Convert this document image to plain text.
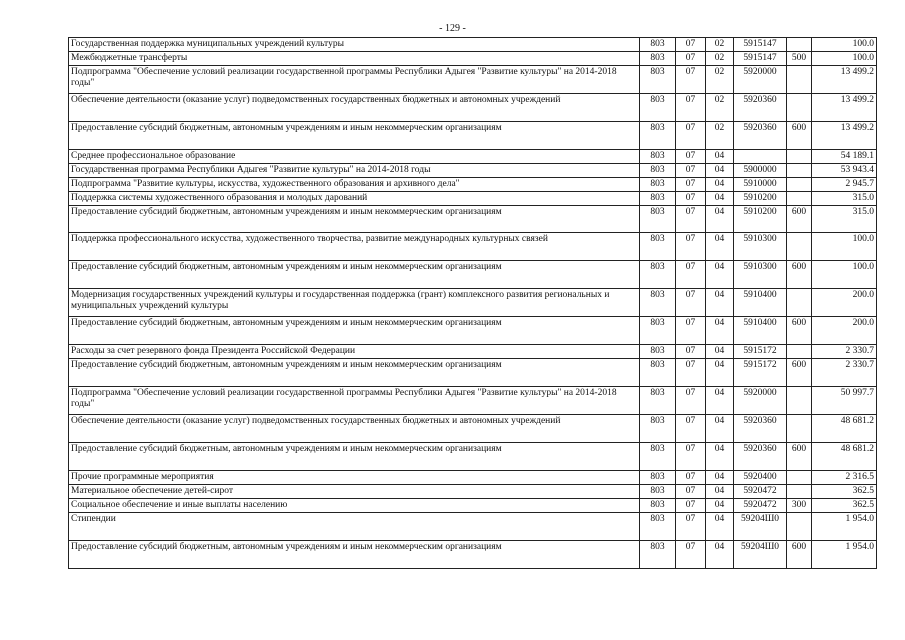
- 129 -
Государственная поддержка муниципальных учреждений культуры	803	07	02	5915147		100.0
Межбюджетные трансферты	803	07	02	5915147	500	100.0
Подпрограмма "Обеспечение условий реализации государственной программы Республики Адыгея "Развитие культуры" на 2014-2018 годы"	803	07	02	5920000		13 499.2
Обеспечение деятельности (оказание услуг) подведомственных государственных бюджетных и автономных учреждений	803	07	02	5920360		13 499.2
Предоставление субсидий бюджетным, автономным учреждениям и иным некоммерческим организациям	803	07	02	5920360	600	13 499.2
Среднее профессиональное образование	803	07	04			54 189.1
Государственная программа Республики Адыгея "Развитие культуры" на 2014-2018 годы	803	07	04	5900000		53 943.4
Подпрограмма "Развитие культуры, искусства, художественного образования и архивного дела"	803	07	04	5910000		2 945.7
Поддержка системы художественного образования и молодых дарований	803	07	04	5910200		315.0
Предоставление субсидий бюджетным, автономным учреждениям и иным некоммерческим организациям	803	07	04	5910200	600	315.0
Поддержка профессионального искусства, художественного творчества, развитие международных культурных связей	803	07	04	5910300		100.0
Предоставление субсидий бюджетным, автономным учреждениям и иным некоммерческим организациям	803	07	04	5910300	600	100.0
Модернизация государственных учреждений культуры и государственная поддержка (грант) комплексного развития региональных и муниципальных учреждений культуры	803	07	04	5910400		200.0
Предоставление субсидий бюджетным, автономным учреждениям и иным некоммерческим организациям	803	07	04	5910400	600	200.0
Расходы за счет резервного фонда Президента Российской Федерации	803	07	04	5915172		2 330.7
Предоставление субсидий бюджетным, автономным учреждениям и иным некоммерческим организациям	803	07	04	5915172	600	2 330.7
Подпрограмма "Обеспечение условий реализации государственной программы Республики Адыгея "Развитие культуры" на 2014-2018 годы"	803	07	04	5920000		50 997.7
Обеспечение деятельности (оказание услуг) подведомственных государственных бюджетных и автономных учреждений	803	07	04	5920360		48 681.2
Предоставление субсидий бюджетным, автономным учреждениям и иным некоммерческим организациям	803	07	04	5920360	600	48 681.2
Прочие программные мероприятия	803	07	04	5920400		2 316.5
Материальное обеспечение детей-сирот	803	07	04	5920472		362.5
Социальное обеспечение и иные выплаты населению	803	07	04	5920472	300	362.5
Стипендии	803	07	04	59204Ш0		1 954.0
Предоставление субсидий бюджетным, автономным учреждениям и иным некоммерческим организациям	803	07	04	59204Ш0	600	1 954.0
